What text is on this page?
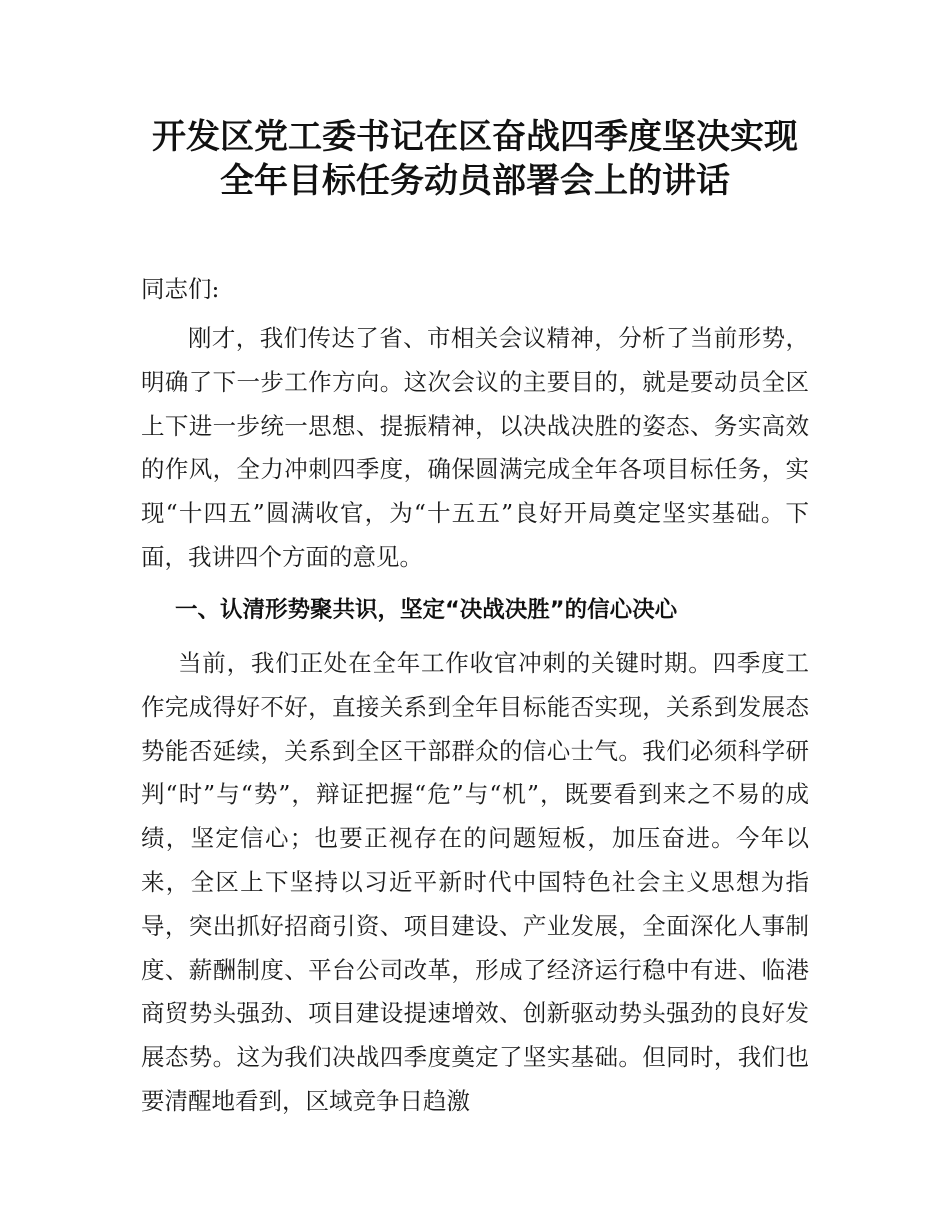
开发区党工委书记在区奋战四季度坚决实现
全年目标任务动员部署会上的讲话

同志们:

刚才，我们传达了省、市相关会议精神，分析了当前形势，明确了下一步工作方向。这次会议的主要目的，就是要动员全区上下进一步统一思想、提振精神，以决战决胜的姿态、务实高效的作风，全力冲刺四季度，确保圆满完成全年各项目标任务，实现“十四五”圆满收官，为“十五五”良好开局奠定坚实基础。下面，我讲四个方面的意见。

一、认清形势聚共识，坚定“决战决胜”的信心决心

当前，我们正处在全年工作收官冲刺的关键时期。四季度工作完成得好不好，直接关系到全年目标能否实现，关系到发展态势能否延续，关系到全区干部群众的信心士气。我们必须科学研判“时”与“势”，辩证把握“危”与“机”，既要看到来之不易的成绩，坚定信心；也要正视存在的问题短板，加压奋进。今年以来，全区上下坚持以习近平新时代中国特色社会主义思想为指导，突出抓好招商引资、项目建设、产业发展，全面深化人事制度、薪酬制度、平台公司改革，形成了经济运行稳中有进、临港商贸势头强劲、项目建设提速增效、创新驱动势头强劲的良好发展态势。这为我们决战四季度奠定了坚实基础。但同时，我们也要清醒地看到，区域竞争日趋激
